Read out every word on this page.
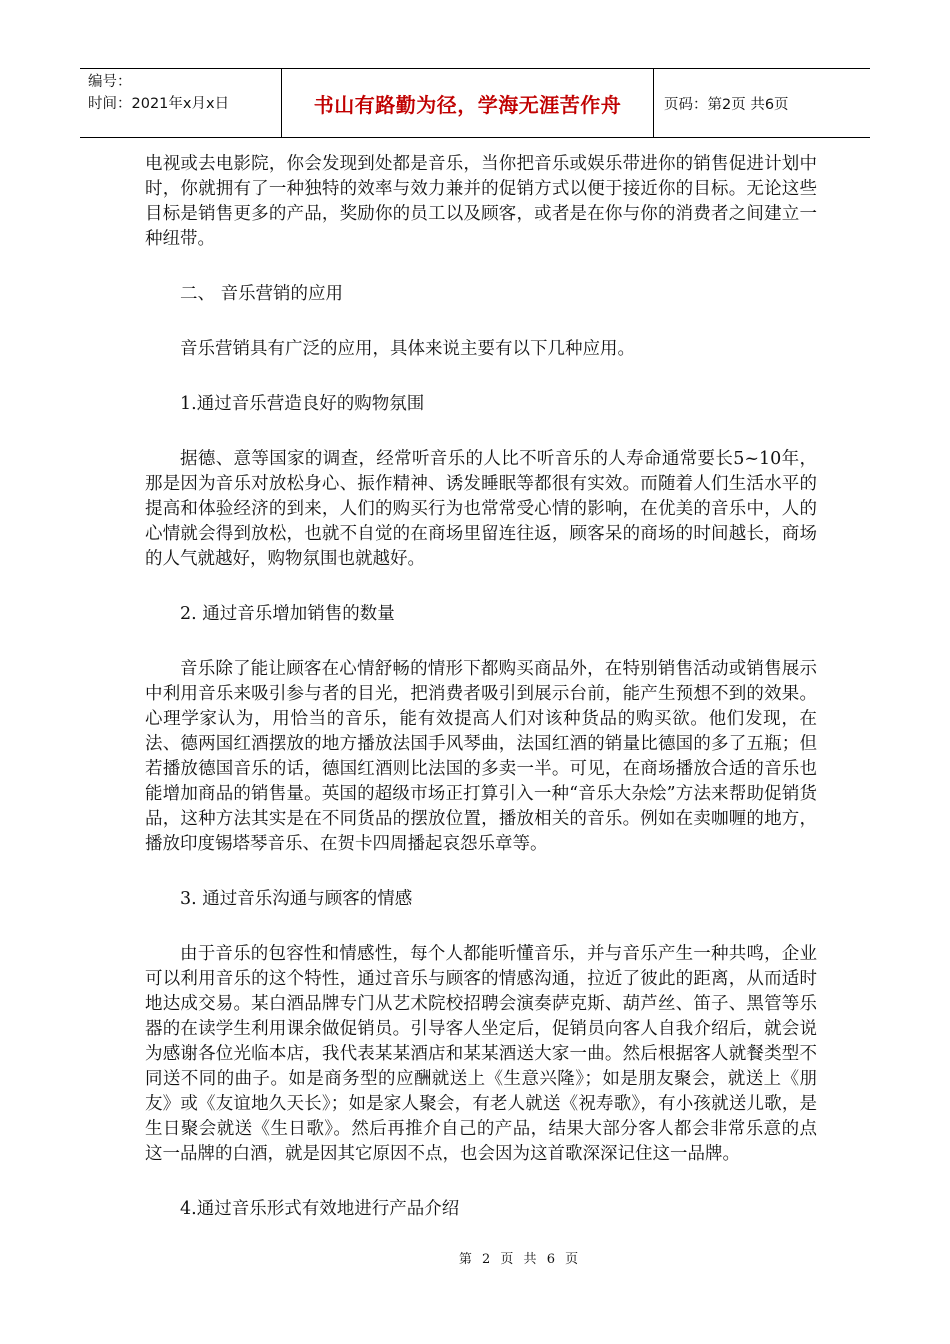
编号：
时间：2021年x月x日	书山有路勤为径，学海无涯苦作舟	页码：第2页 共6页

电视或去电影院，你会发现到处都是音乐，当你把音乐或娱乐带进你的销售促进计划中时，你就拥有了一种独特的效率与效力兼并的促销方式以便于接近你的目标。无论这些目标是销售更多的产品，奖励你的员工以及顾客，或者是在你与你的消费者之间建立一种纽带。

二、 音乐营销的应用

音乐营销具有广泛的应用，具体来说主要有以下几种应用。

1.通过音乐营造良好的购物氛围

据德、意等国家的调查，经常听音乐的人比不听音乐的人寿命通常要长5~10年，那是因为音乐对放松身心、振作精神、诱发睡眠等都很有实效。而随着人们生活水平的提高和体验经济的到来，人们的购买行为也常常受心情的影响，在优美的音乐中，人的心情就会得到放松，也就不自觉的在商场里留连往返，顾客呆的商场的时间越长，商场的人气就越好，购物氛围也就越好。

2. 通过音乐增加销售的数量

音乐除了能让顾客在心情舒畅的情形下都购买商品外，在特别销售活动或销售展示中利用音乐来吸引参与者的目光，把消费者吸引到展示台前，能产生预想不到的效果。心理学家认为，用恰当的音乐，能有效提高人们对该种货品的购买欲。他们发现，在法、德两国红酒摆放的地方播放法国手风琴曲，法国红酒的销量比德国的多了五瓶；但若播放德国音乐的话，德国红酒则比法国的多卖一半。可见，在商场播放合适的音乐也能增加商品的销售量。英国的超级市场正打算引入一种“音乐大杂烩”方法来帮助促销货品，这种方法其实是在不同货品的摆放位置，播放相关的音乐。例如在卖咖喱的地方，播放印度锡塔琴音乐、在贺卡四周播起哀怨乐章等。

3. 通过音乐沟通与顾客的情感

由于音乐的包容性和情感性，每个人都能听懂音乐，并与音乐产生一种共鸣，企业可以利用音乐的这个特性，通过音乐与顾客的情感沟通，拉近了彼此的距离，从而适时地达成交易。某白酒品牌专门从艺术院校招聘会演奏萨克斯、葫芦丝、笛子、黑管等乐器的在读学生利用课余做促销员。引导客人坐定后，促销员向客人自我介绍后，就会说为感谢各位光临本店，我代表某某酒店和某某酒送大家一曲。然后根据客人就餐类型不同送不同的曲子。如是商务型的应酬就送上《生意兴隆》；如是朋友聚会，就送上《朋友》或《友谊地久天长》；如是家人聚会，有老人就送《祝寿歌》，有小孩就送儿歌，是生日聚会就送《生日歌》。然后再推介自己的产品，结果大部分客人都会非常乐意的点这一品牌的白酒，就是因其它原因不点，也会因为这首歌深深记住这一品牌。

4.通过音乐形式有效地进行产品介绍

第 2 页 共 6 页
